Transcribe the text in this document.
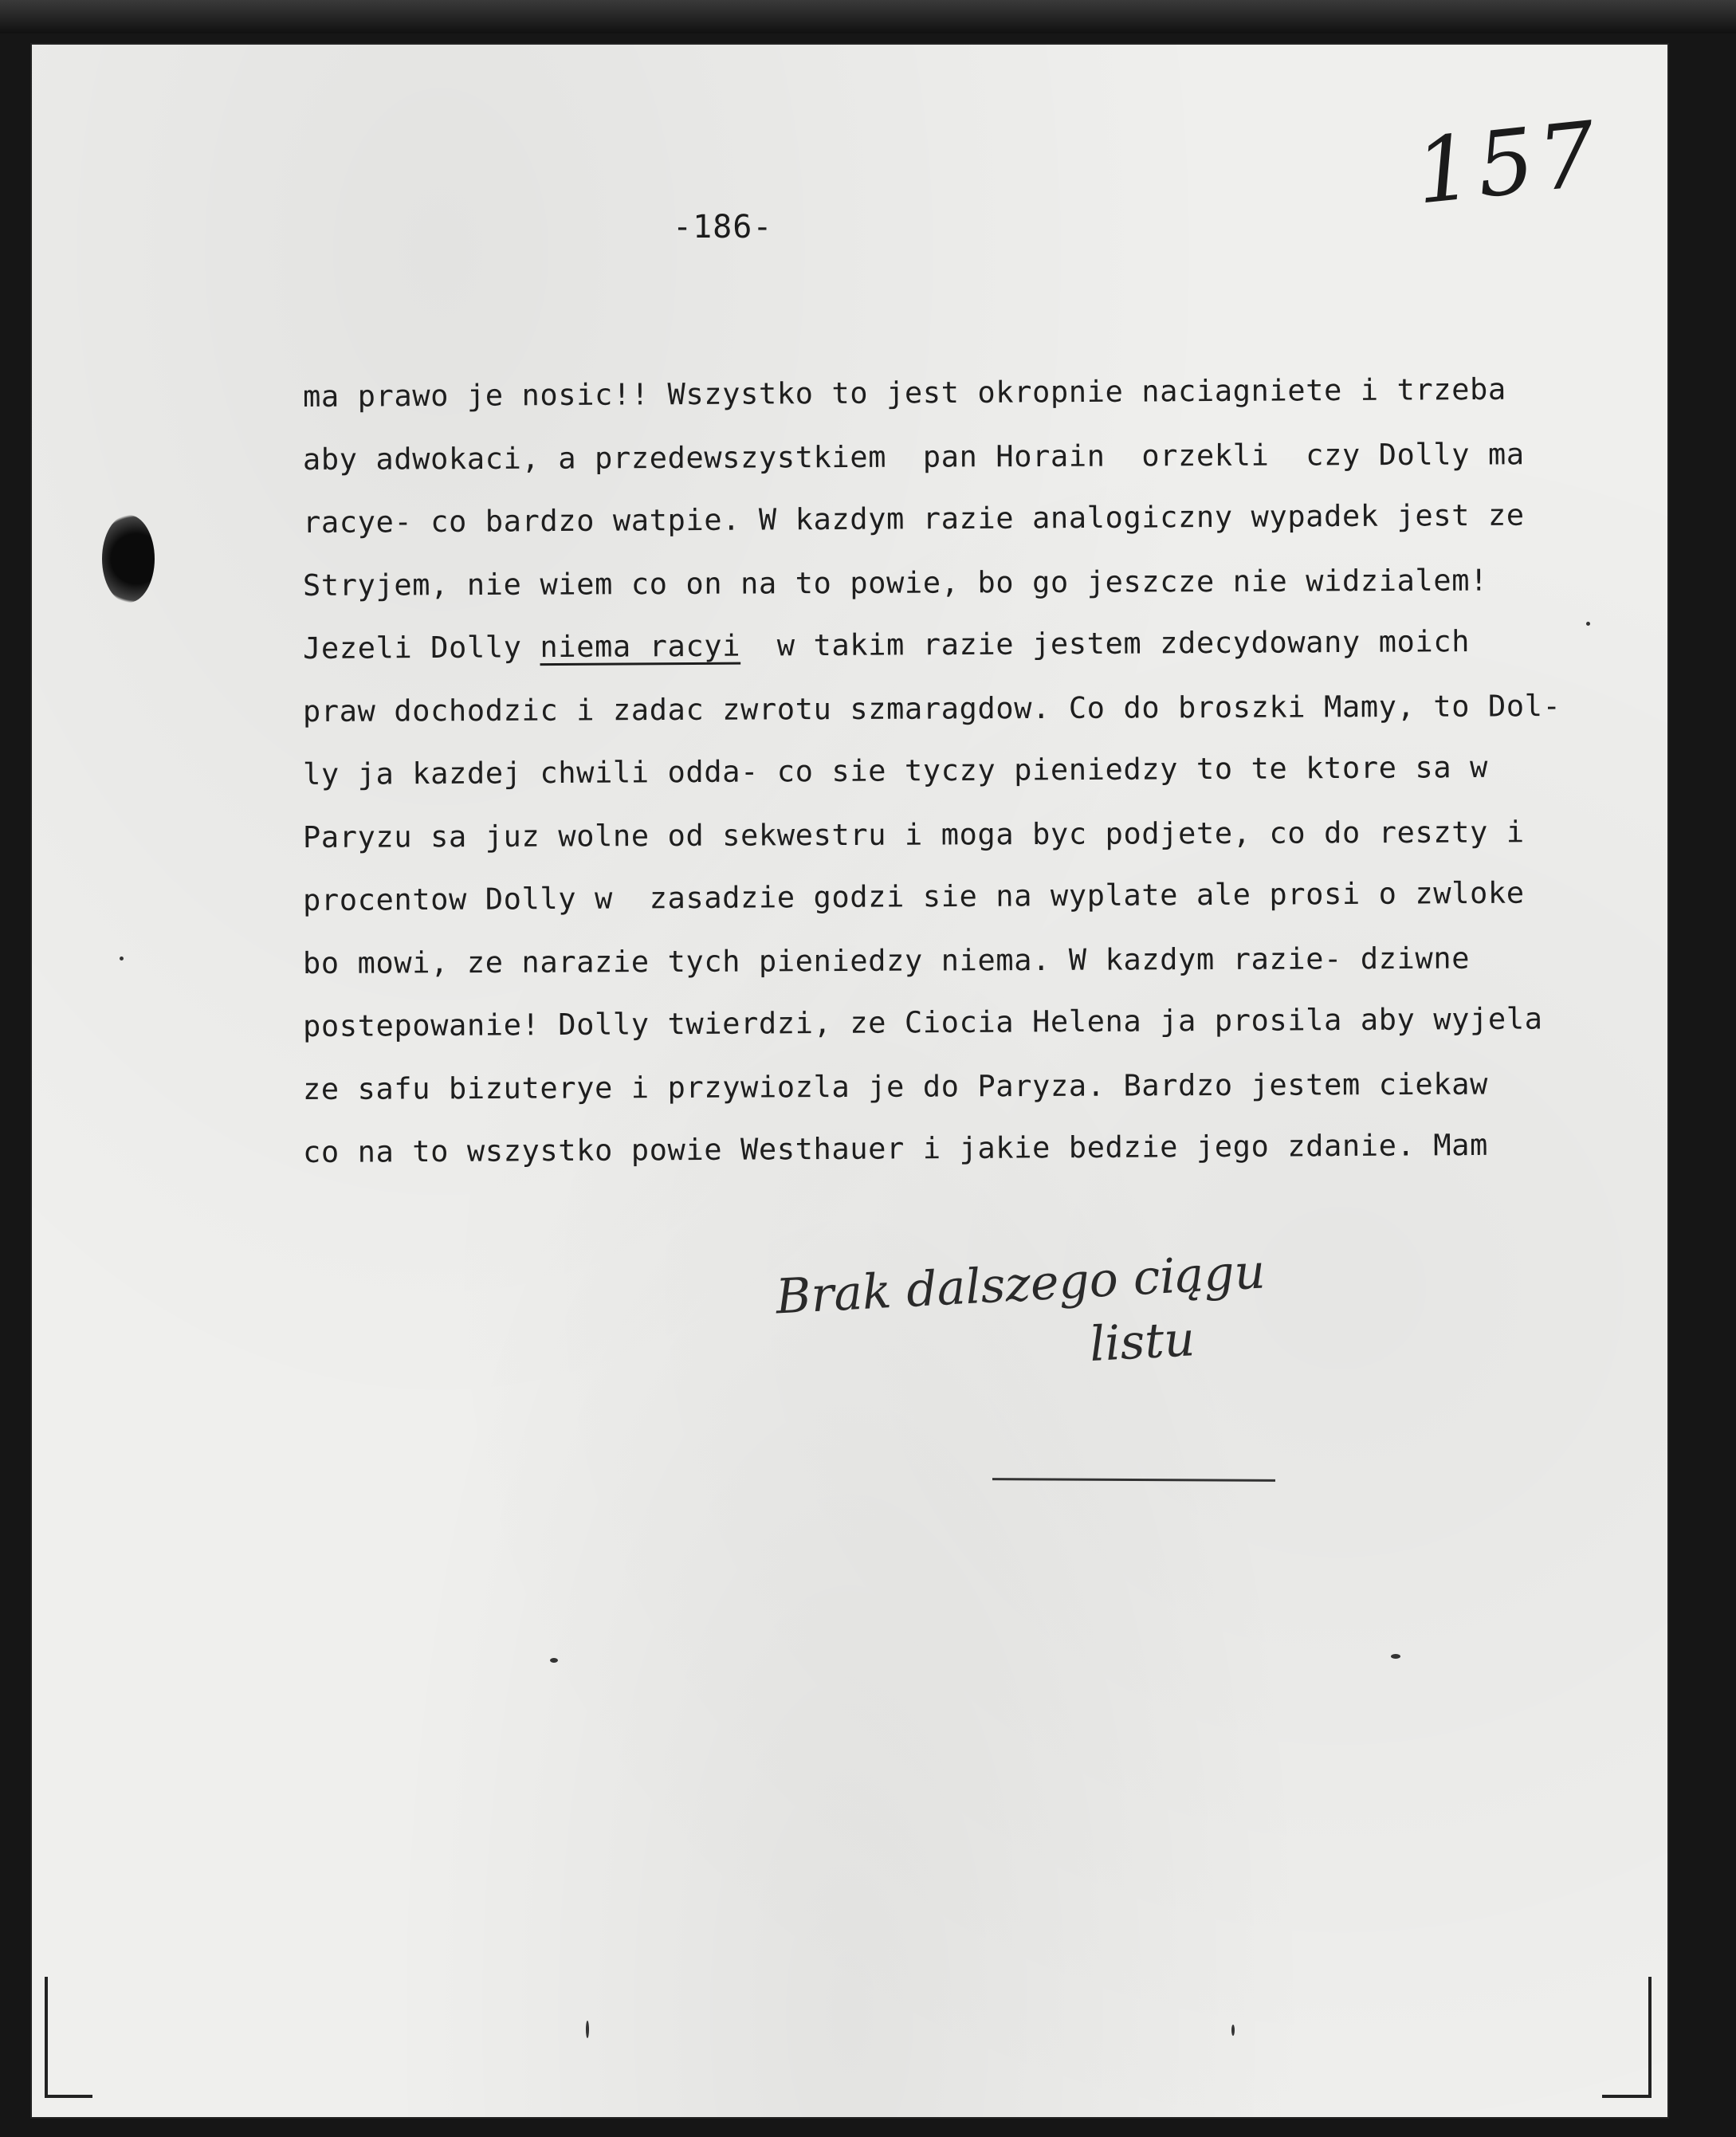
157
-186-
ma prawo je nosic!! Wszystko to jest okropnie naciagniete i trzeba
aby adwokaci, a przedewszystkiem  pan Horain  orzekli  czy Dolly ma
racye- co bardzo watpie. W kazdym razie analogiczny wypadek jest ze
Stryjem, nie wiem co on na to powie, bo go jeszcze nie widzialem!
Jezeli Dolly niema racyi  w takim razie jestem zdecydowany moich
praw dochodzic i zadac zwrotu szmaragdow. Co do broszki Mamy, to Dol-
ly ja kazdej chwili odda- co sie tyczy pieniedzy to te ktore sa w
Paryzu sa juz wolne od sekwestru i moga byc podjete, co do reszty i
procentow Dolly w  zasadzie godzi sie na wyplate ale prosi o zwloke
bo mowi, ze narazie tych pieniedzy niema. W kazdym razie- dziwne
postepowanie! Dolly twierdzi, ze Ciocia Helena ja prosila aby wyjela
ze safu bizuterye i przywiozla je do Paryza. Bardzo jestem ciekaw
co na to wszystko powie Westhauer i jakie bedzie jego zdanie. Mam
Brak dalszego ciągu
listu
